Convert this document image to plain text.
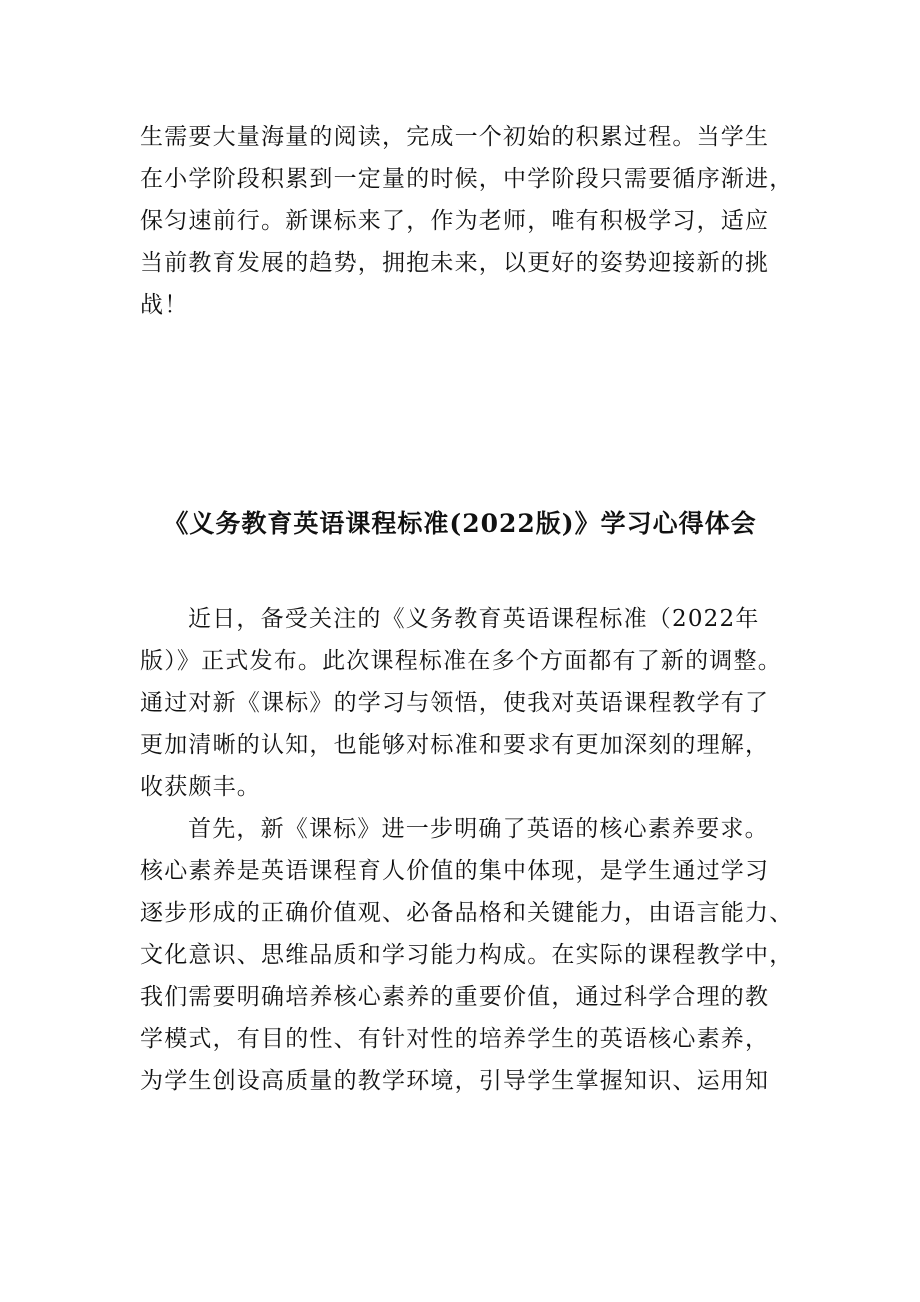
生需要大量海量的阅读，完成一个初始的积累过程。当学生
在小学阶段积累到一定量的时候，中学阶段只需要循序渐进，
保匀速前行。新课标来了，作为老师，唯有积极学习，适应
当前教育发展的趋势，拥抱未来，以更好的姿势迎接新的挑
战！
《义务教育英语课程标准(2022版)》学习心得体会
近日，备受关注的《义务教育英语课程标准（2022年
版）》正式发布。此次课程标准在多个方面都有了新的调整。
通过对新《课标》的学习与领悟，使我对英语课程教学有了
更加清晰的认知，也能够对标准和要求有更加深刻的理解，
收获颇丰。
首先，新《课标》进一步明确了英语的核心素养要求。
核心素养是英语课程育人价值的集中体现，是学生通过学习
逐步形成的正确价值观、必备品格和关键能力，由语言能力、
文化意识、思维品质和学习能力构成。在实际的课程教学中，
我们需要明确培养核心素养的重要价值，通过科学合理的教
学模式，有目的性、有针对性的培养学生的英语核心素养，
为学生创设高质量的教学环境，引导学生掌握知识、运用知
